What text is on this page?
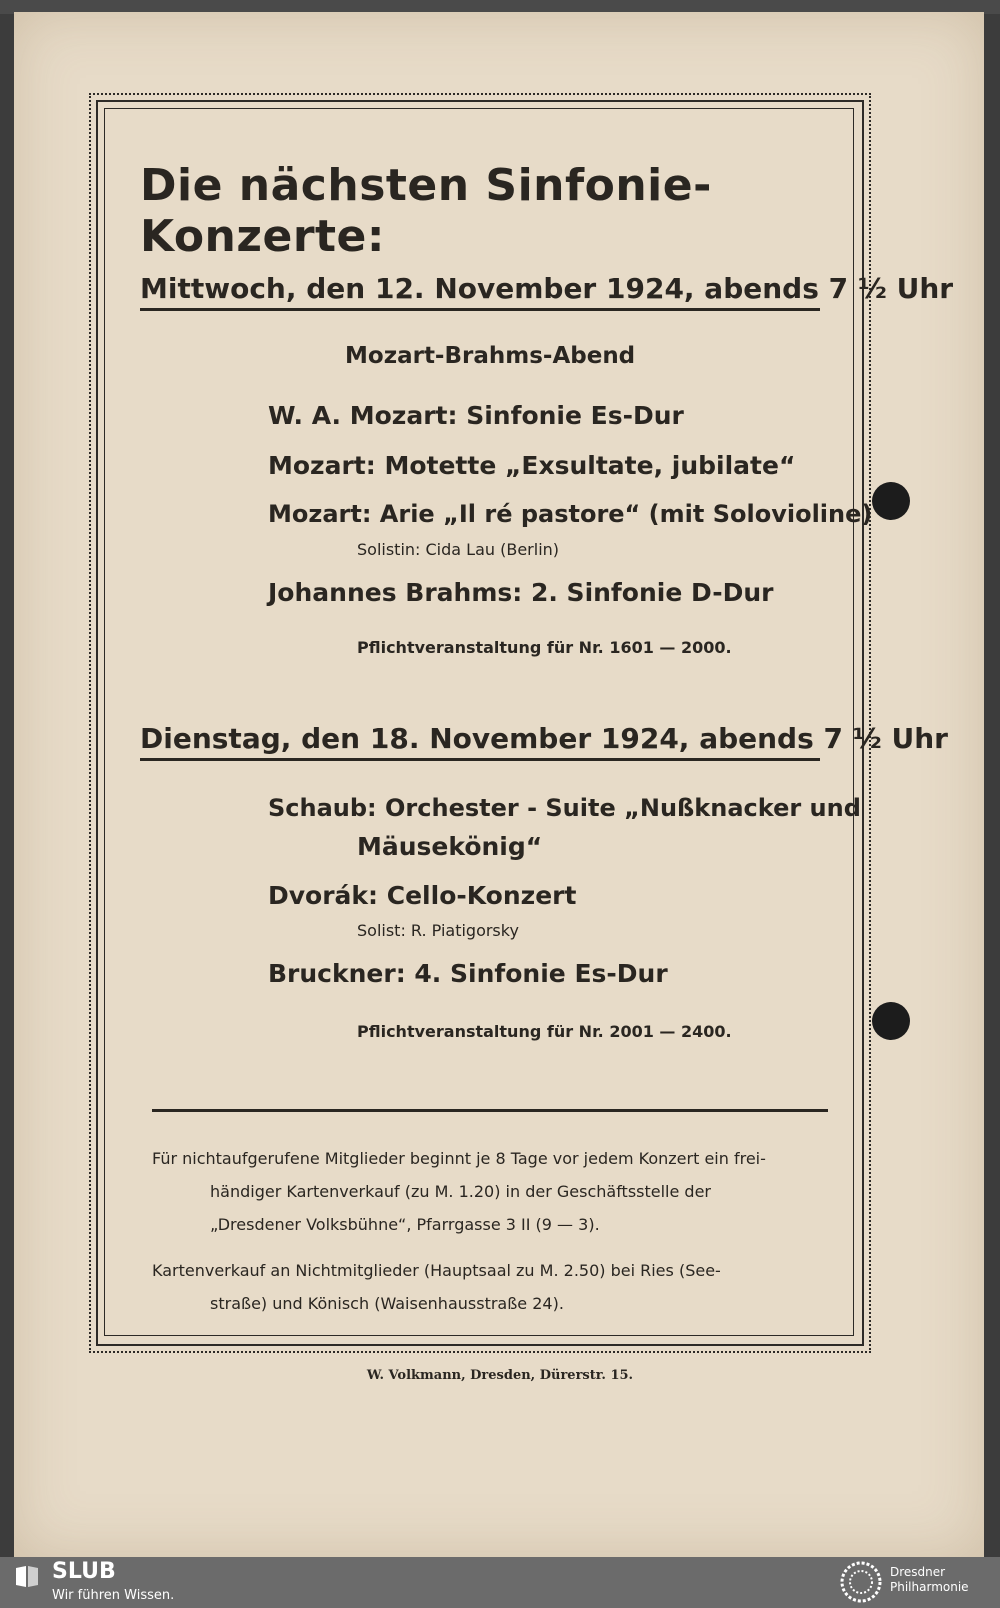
Die nächsten Sinfonie-Konzerte:
Mittwoch, den 12. November 1924, abends 7 ½ Uhr
Mozart-Brahms-Abend
W. A. Mozart: Sinfonie Es-Dur
Mozart: Motette „Exsultate, jubilate“
Mozart: Arie „Il ré pastore“ (mit Solovioline)
Solistin: Cida Lau (Berlin)
Johannes Brahms: 2. Sinfonie D-Dur
Pflichtveranstaltung für Nr. 1601 — 2000.
Dienstag, den 18. November 1924, abends 7 ½ Uhr
Schaub: Orchester - Suite „Nußknacker und
Mäusekönig“
Dvorák: Cello-Konzert
Solist: R. Piatigorsky
Bruckner: 4. Sinfonie Es-Dur
Pflichtveranstaltung für Nr. 2001 — 2400.
Für nichtaufgerufene Mitglieder beginnt je 8 Tage vor jedem Konzert ein frei-
händiger Kartenverkauf (zu M. 1.20) in der Geschäftsstelle der
„Dresdener Volksbühne“, Pfarrgasse 3 II (9 — 3).
Kartenverkauf an Nichtmitglieder (Hauptsaal zu M. 2.50) bei Ries (See-
straße) und Könisch (Waisenhausstraße 24).
W. Volkmann, Dresden, Dürerstr. 15.
SLUB
Wir führen Wissen.
Dresdner
Philharmonie
